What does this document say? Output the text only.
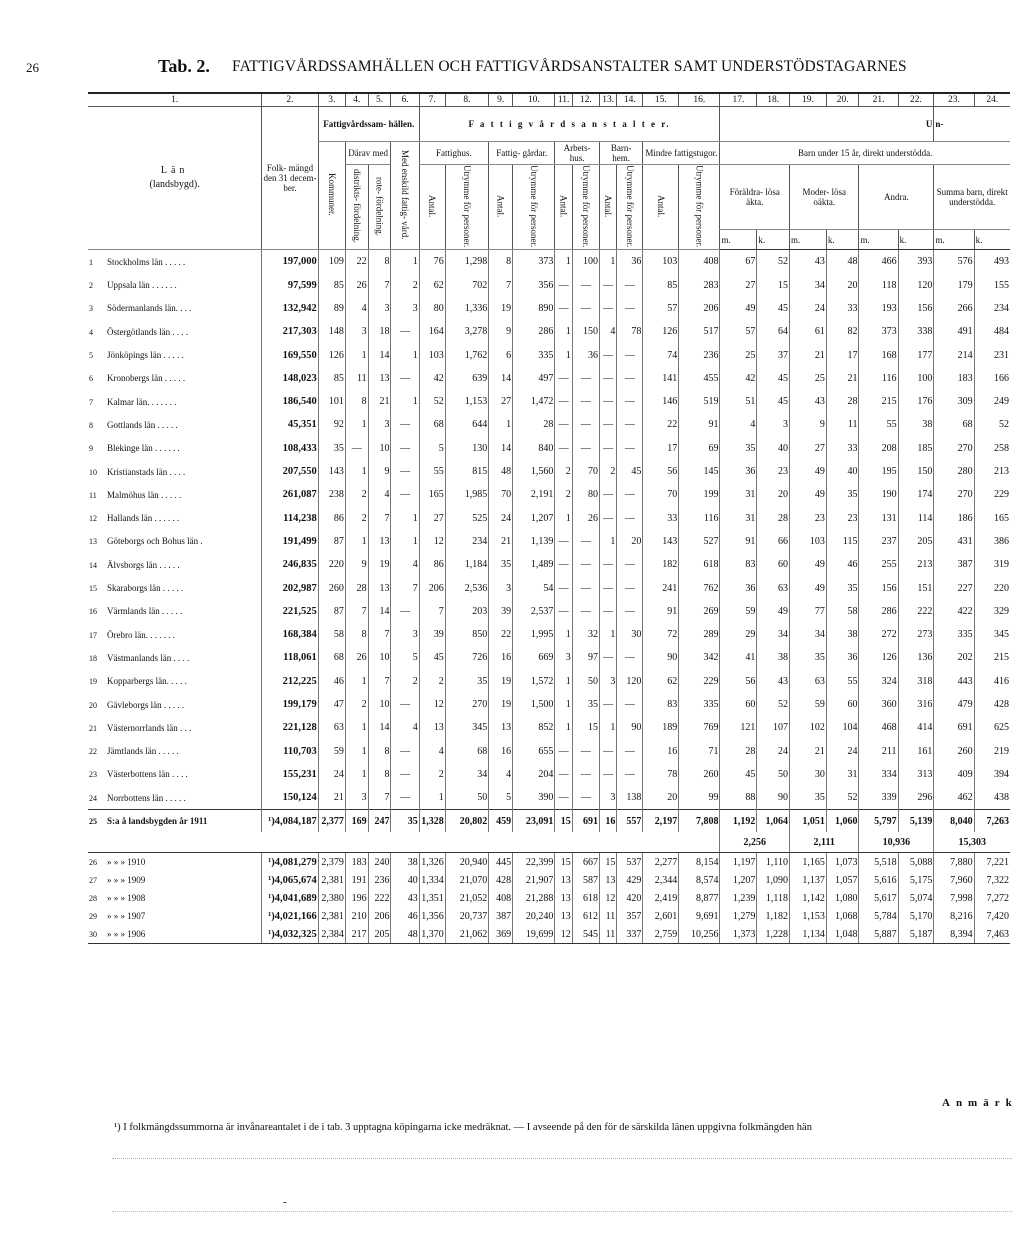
26	Tab. 2. FATTIGVÅRDSSAMHÄLLEN OCH FATTIGVÅRDSANSTALTER SAMT UNDERSTÖDSTAGARNES
1.	2.	3.	4.	5.	6.	7.	8.	9.	10.	11.	12.	13.	14.	15.	16.	17.	18.	19.	20.	21.	22.	23.	24.

Län
(landsbygd).	Folk- mängd den 31 decem- ber.	Fattigvårdssam- hällen.				F a t t i g v å r d s a n s t a l t e r.										U						n-	
		Kommuner.	Därav med		Med enskild fattig- vård.	Fattighus.		Fattig- gårdar.		Arbets- hus.		Barn- hem.		Mindre fattigstugor.		Barn under 15 år, direkt understödda.							
			distrikts- fördelning.	rote- fördelning.		Antal.	Utrymme för personer.	Antal.	Utrymme för personer.	Antal.	Utrymme för personer.	Antal.	Utrymme för personer.	Antal.	Utrymme för personer.	Föräldra- lösa äkta.		Moder- lösa oäkta.		Andra.		Summa barn, direkt understödda.	
																m.	k.	m.	k.	m.	k.	m.	k.
1 Stockholms län . . . . .	197,000	109	22	8	1	76	1,298	8	373	1	100	1	36	103	408	67	52	43	48	466	393	576	493
2 Uppsala län . . . . . .	97,599	85	26	7	2	62	702	7	356	—	—	—	—	85	283	27	15	34	20	118	120	179	155
3 Södermanlands län. . . .	132,942	89	4	3	3	80	1,336	19	890	—	—	—	—	57	206	49	45	24	33	193	156	266	234
4 Östergötlands län . . . .	217,303	148	3	18	—	164	3,278	9	286	1	150	4	78	126	517	57	64	61	82	373	338	491	484
5 Jönköpings län . . . . .	169,550	126	1	14	1	103	1,762	6	335	1	36	—	—	74	236	25	37	21	17	168	177	214	231
6 Kronobergs län . . . . .	148,023	85	11	13	—	42	639	14	497	—	—	—	—	141	455	42	45	25	21	116	100	183	166
7 Kalmar län. . . . . . .	186,540	101	8	21	1	52	1,153	27	1,472	—	—	—	—	146	519	51	45	43	28	215	176	309	249
8 Gottlands län . . . . .	45,351	92	1	3	—	68	644	1	28	—	—	—	—	22	91	4	3	9	11	55	38	68	52
9 Blekinge län . . . . . .	108,433	35	—	10	—	5	130	14	840	—	—	—	—	17	69	35	40	27	33	208	185	270	258
10 Kristianstads län . . . .	207,550	143	1	9	—	55	815	48	1,560	2	70	2	45	56	145	36	23	49	40	195	150	280	213
11 Malmöhus län . . . . .	261,087	238	2	4	—	165	1,985	70	2,191	2	80	—	—	70	199	31	20	49	35	190	174	270	229
12 Hallands län . . . . . .	114,238	86	2	7	1	27	525	24	1,207	1	26	—	—	33	116	31	28	23	23	131	114	186	165
13 Göteborgs och Bohus län .	191,499	87	1	13	1	12	234	21	1,139	—	—	1	20	143	527	91	66	103	115	237	205	431	386
14 Älvsborgs län . . . . .	246,835	220	9	19	4	86	1,184	35	1,489	—	—	—	—	182	618	83	60	49	46	255	213	387	319
15 Skaraborgs län . . . . .	202,987	260	28	13	7	206	2,536	3	54	—	—	—	—	241	762	36	63	49	35	156	151	227	220
16 Värmlands län . . . . .	221,525	87	7	14	—	7	203	39	2,537	—	—	—	—	91	269	59	49	77	58	286	222	422	329
17 Örebro län. . . . . . .	168,384	58	8	7	3	39	850	22	1,995	1	32	1	30	72	289	29	34	34	38	272	273	335	345
18 Västmanlands län . . . .	118,061	68	26	10	5	45	726	16	669	3	97	—	—	90	342	41	38	35	36	126	136	202	215
19 Kopparbergs län. . . . .	212,225	46	1	7	2	2	35	19	1,572	1	50	3	120	62	229	56	43	63	55	324	318	443	416
20 Gävleborgs län . . . . .	199,179	47	2	10	—	12	270	19	1,500	1	35	—	—	83	335	60	52	59	60	360	316	479	428
21 Västernorrlands län . . .	221,128	63	1	14	4	13	345	13	852	1	15	1	90	189	769	121	107	102	104	468	414	691	625
22 Jämtlands län . . . . .	110,703	59	1	8	—	4	68	16	655	—	—	—	—	16	71	28	24	21	24	211	161	260	219
23 Västerbottens län . . . .	155,231	24	1	8	—	2	34	4	204	—	—	—	—	78	260	45	50	30	31	334	313	409	394
24 Norrbottens län . . . . .	150,124	21	3	7	—	1	50	5	390	—	—	3	138	20	99	88	90	35	52	339	296	462	438
25 S:a å landsbygden år 1911	¹)4,084,187	2,377	169	247	35	1,328	20,802	459	23,091	15	691	16	557	2,197	7,808	1,192	1,064	1,051	1,060	5,797	5,139	8,040	7,263
																2,256		2,111		10,936		15,303	
26 » » » 1910	¹)4,081,279	2,379	183	240	38	1,326	20,940	445	22,399	15	667	15	537	2,277	8,154	1,197	1,110	1,165	1,073	5,518	5,088	7,880	7,221
27 » » » 1909	¹)4,065,674	2,381	191	236	40	1,334	21,070	428	21,907	13	587	13	429	2,344	8,574	1,207	1,090	1,137	1,057	5,616	5,175	7,960	7,322
28 » » » 1908	¹)4,041,689	2,380	196	222	43	1,351	21,052	408	21,288	13	618	12	420	2,419	8,877	1,239	1,118	1,142	1,080	5,617	5,074	7,998	7,272
29 » » » 1907	¹)4,021,166	2,381	210	206	46	1,356	20,737	387	20,240	13	612	11	357	2,601	9,691	1,279	1,182	1,153	1,068	5,784	5,170	8,216	7,420
30 » » » 1906	¹)4,032,325	2,384	217	205	48	1,370	21,062	369	19,699	12	545	11	337	2,759	10,256	1,373	1,228	1,134	1,048	5,887	5,187	8,394	7,463
Anmärk
¹) I folkmängdssummorna är invånareantalet i de i tab. 3 upptagna köpingarna icke medräknat. — I avseende på den för de särskilda länen uppgivna folkmängden hän
-
